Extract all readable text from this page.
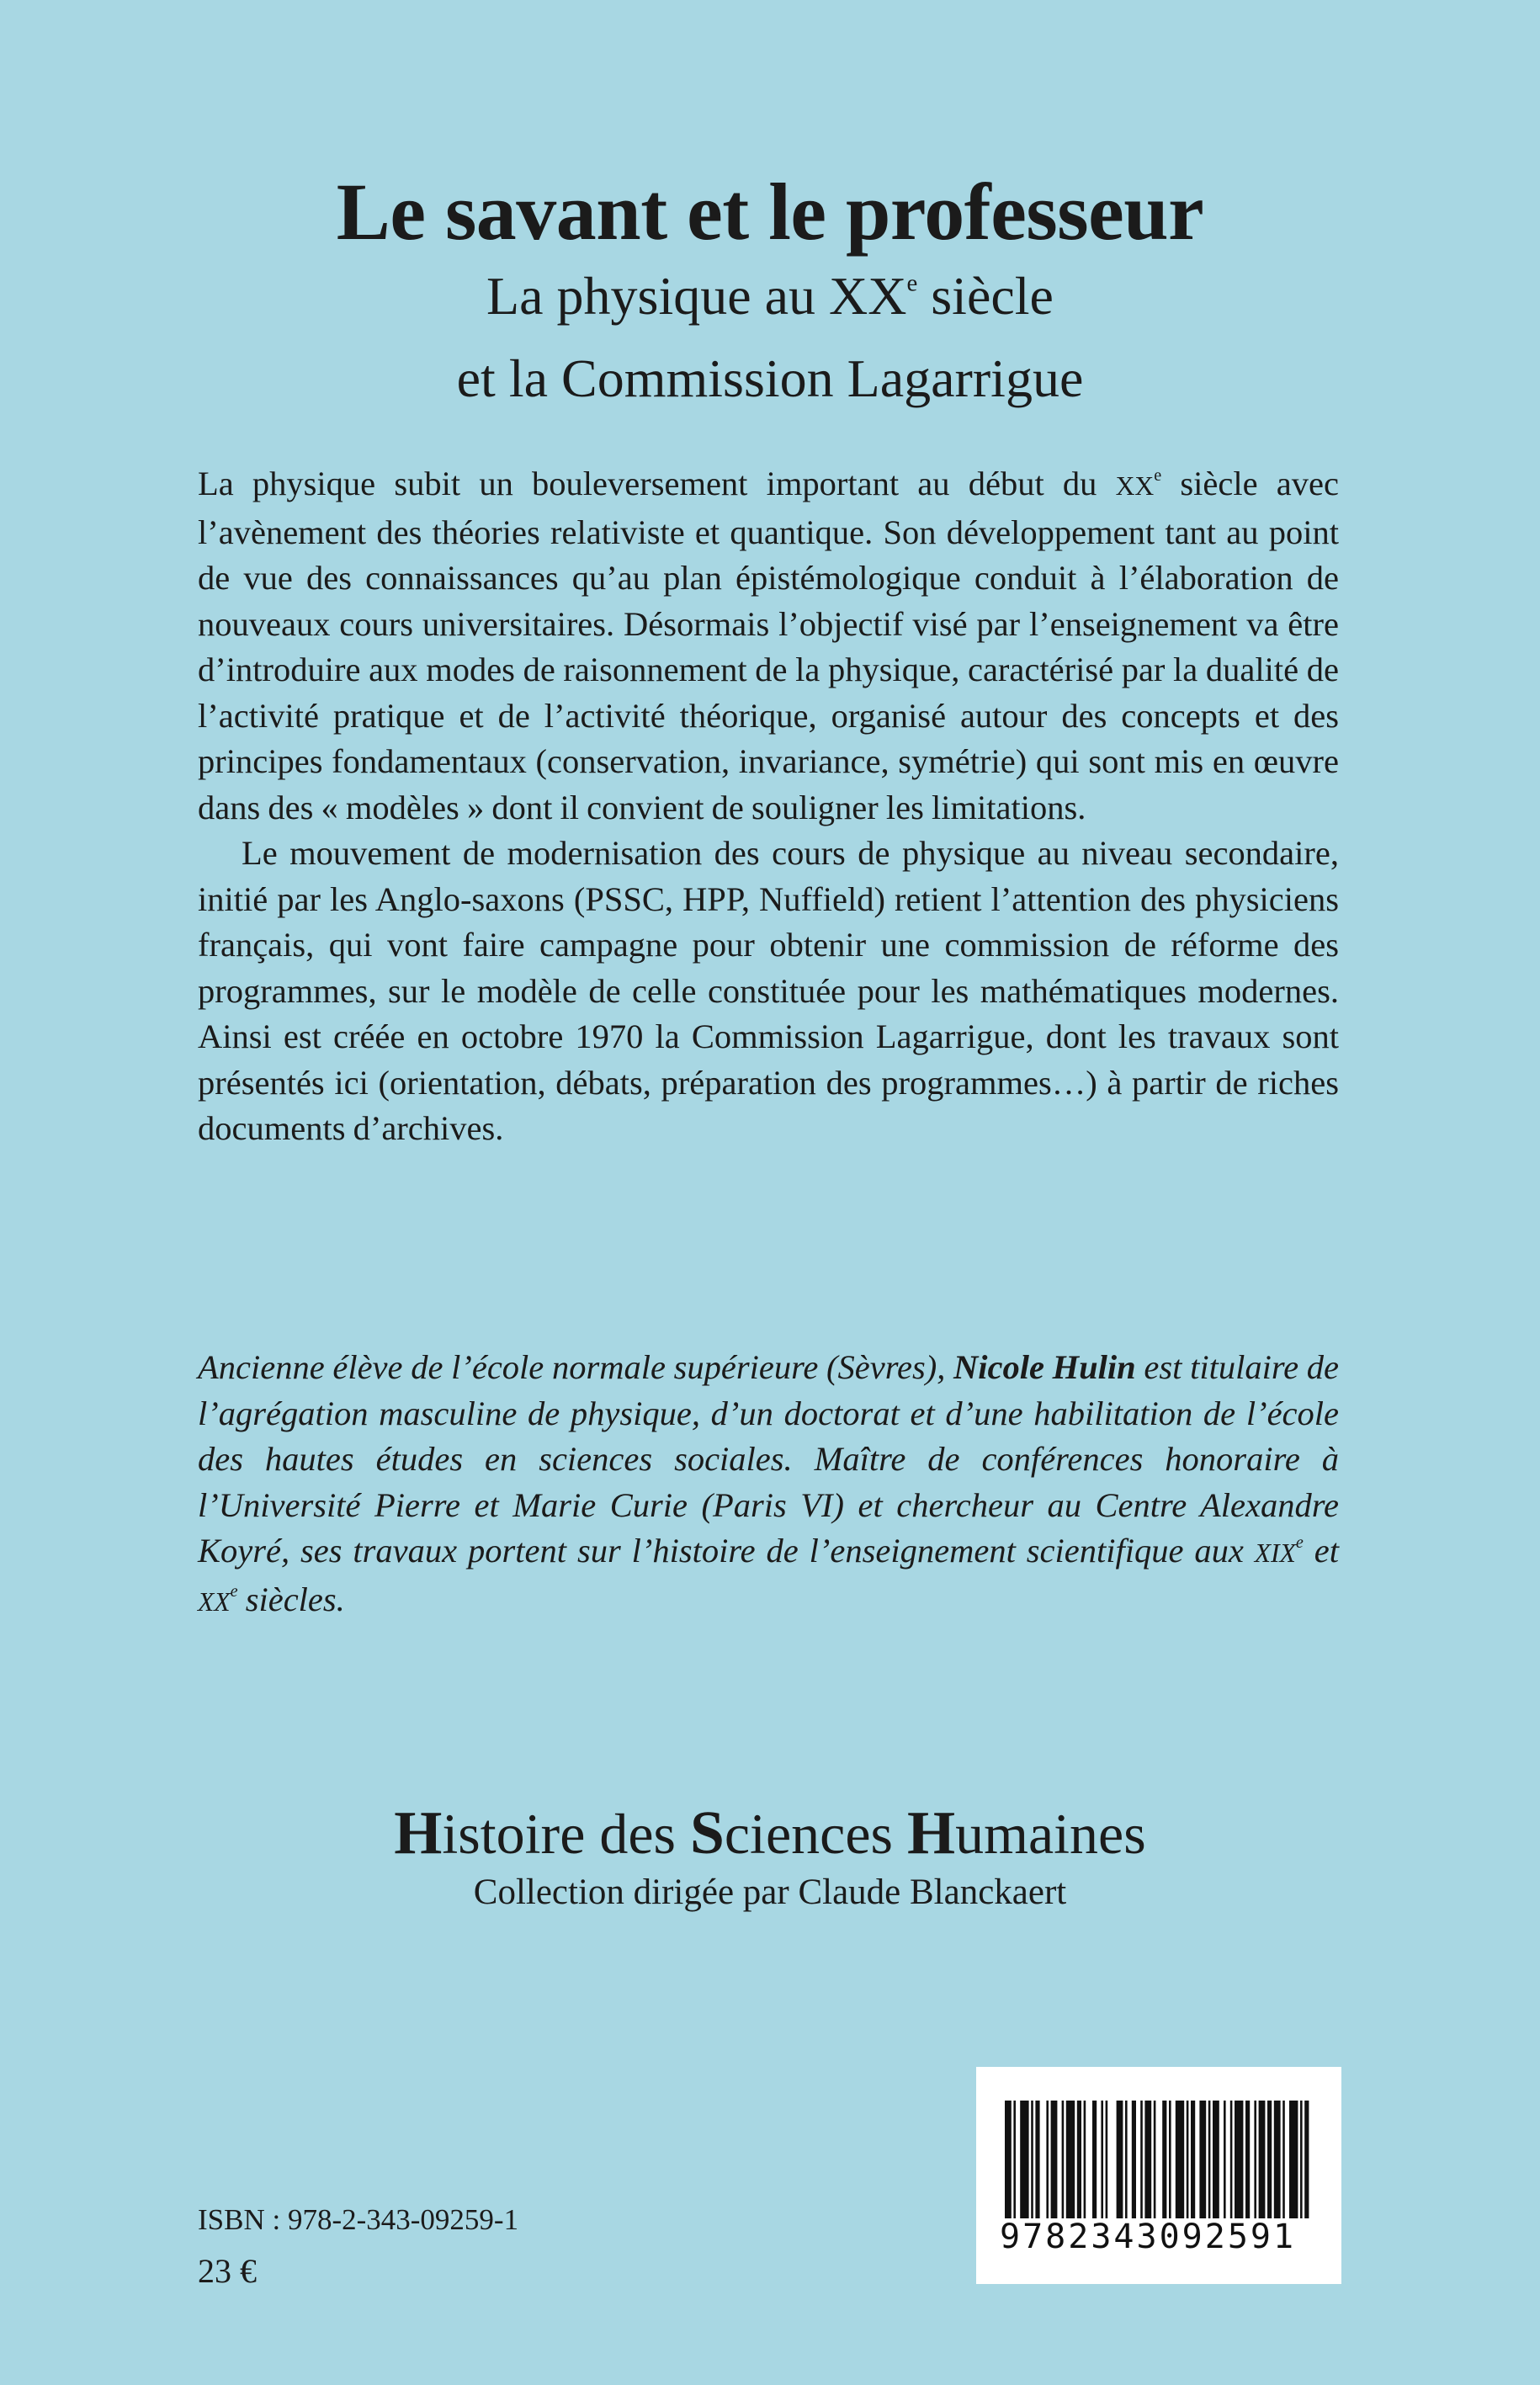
Le savant et le professeur
La physique au XXe siècle
et la Commission Lagarrigue

La physique subit un bouleversement important au début du XXe siècle avec l’avènement des théories relativiste et quantique. Son développement tant au point de vue des connaissances qu’au plan épistémologique conduit à l’élaboration de nouveaux cours universitaires. Désormais l’objectif visé par l’enseignement va être d’introduire aux modes de raisonnement de la physique, caractérisé par la dualité de l’activité pratique et de l’activité théorique, organisé autour des concepts et des principes fondamentaux (conservation, invariance, symétrie) qui sont mis en œuvre dans des « modèles » dont il convient de souligner les limitations.

Le mouvement de modernisation des cours de physique au niveau secondaire, initié par les Anglo-saxons (PSSC, HPP, Nuffield) retient l’attention des physiciens français, qui vont faire campagne pour obtenir une commission de réforme des programmes, sur le modèle de celle constituée pour les mathématiques modernes. Ainsi est créée en octobre 1970 la Commission Lagarrigue, dont les travaux sont présentés ici (orientation, débats, préparation des programmes…) à partir de riches documents d’archives.

Ancienne élève de l’école normale supérieure (Sèvres), Nicole Hulin est titulaire de l’agrégation masculine de physique, d’un doctorat et d’une habilitation de l’école des hautes études en sciences sociales. Maître de conférences honoraire à l’Université Pierre et Marie Curie (Paris VI) et chercheur au Centre Alexandre Koyré, ses travaux portent sur l’histoire de l’enseignement scientifique aux XIXe et XXe siècles.

Histoire des Sciences Humaines
Collection dirigée par Claude Blanckaert
ISBN : 978-2-343-09259-1
23 €
9782343092591
